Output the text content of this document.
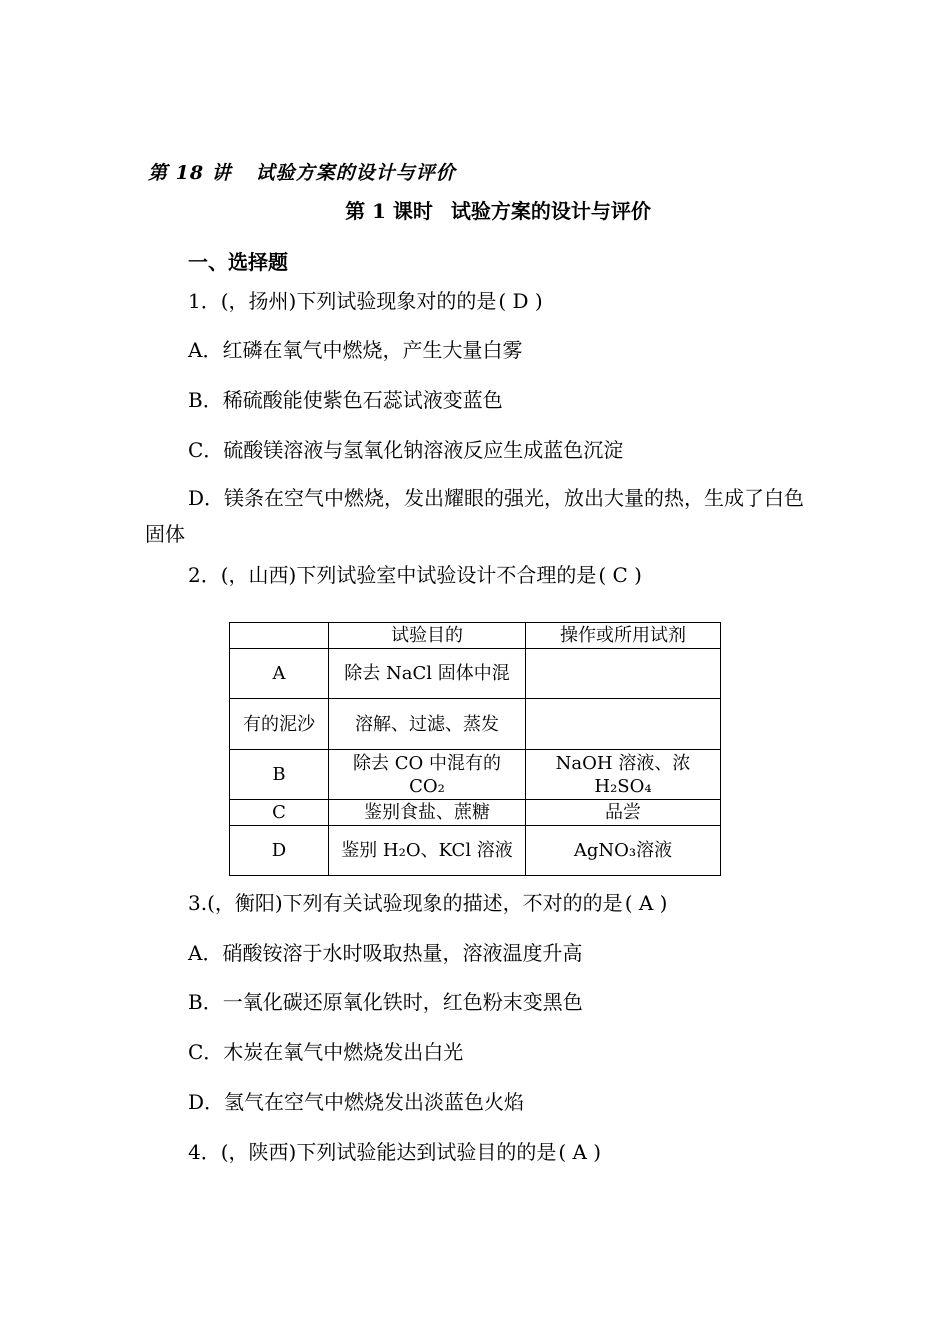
第 18 讲 试验方案的设计与评价
第 1 课时 试验方案的设计与评价
一、选择题
1．(，扬州)下列试验现象对的的是 ( D )
A．红磷在氧气中燃烧，产生大量白雾
B．稀硫酸能使紫色石蕊试液变蓝色
C．硫酸镁溶液与氢氧化钠溶液反应生成蓝色沉淀
D．镁条在空气中燃烧，发出耀眼的强光，放出大量的热，生成了白色固体
2．(，山西)下列试验室中试验设计不合理的是 ( C )
	试验目的	操作或所用试剂
A	除去 NaCl 固体中混	
有的泥沙	溶解、过滤、蒸发	
B	除去 CO 中混有的 CO₂	NaOH 溶液、浓 H₂SO₄
C	鉴别食盐、蔗糖	品尝
D	鉴别 H₂O、KCl 溶液	AgNO₃溶液
3.(，衡阳)下列有关试验现象的描述，不对的的是 ( A )
A．硝酸铵溶于水时吸取热量，溶液温度升高
B．一氧化碳还原氧化铁时，红色粉末变黑色
C．木炭在氧气中燃烧发出白光
D．氢气在空气中燃烧发出淡蓝色火焰
4．(，陕西)下列试验能达到试验目的的是 ( A )
